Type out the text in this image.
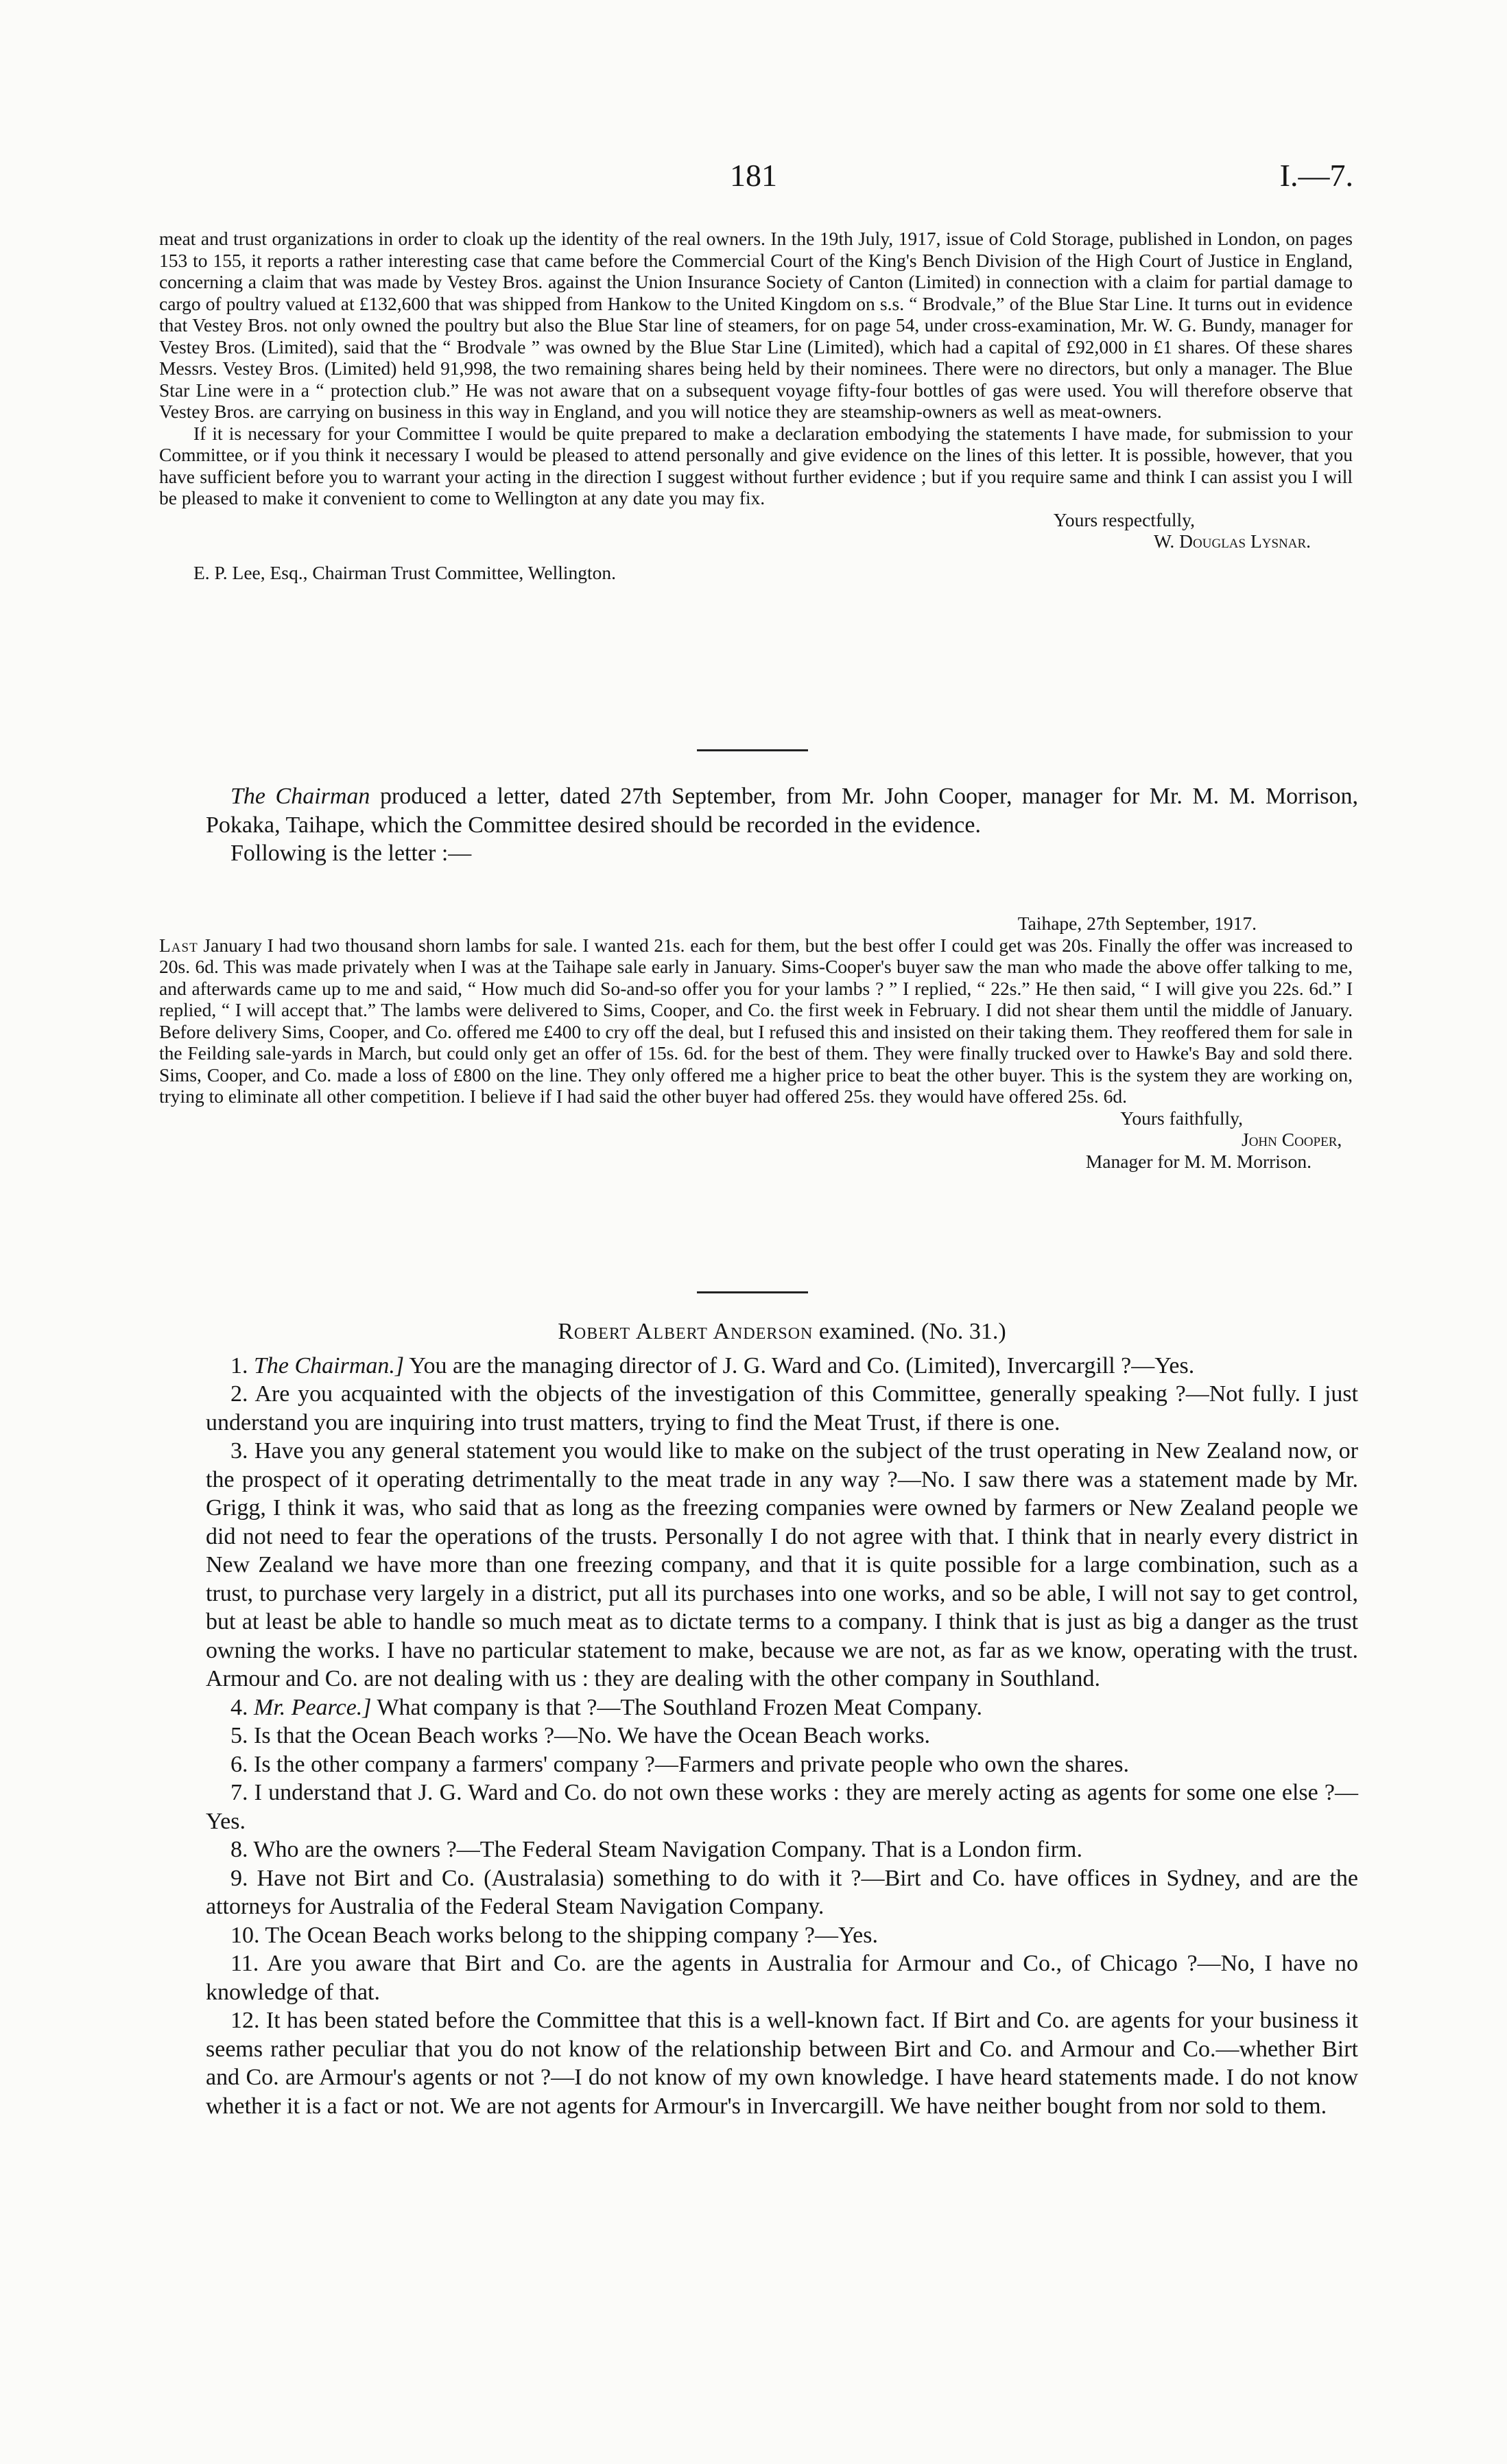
181	I.—7.

meat and trust organizations in order to cloak up the identity of the real owners. In the 19th July, 1917, issue of Cold Storage, published in London, on pages 153 to 155, it reports a rather interesting case that came before the Commercial Court of the King's Bench Division of the High Court of Justice in England, concerning a claim that was made by Vestey Bros. against the Union Insurance Society of Canton (Limited) in connection with a claim for partial damage to cargo of poultry valued at £132,600 that was shipped from Hankow to the United Kingdom on s.s. “ Brodvale,” of the Blue Star Line. It turns out in evidence that Vestey Bros. not only owned the poultry but also the Blue Star line of steamers, for on page 54, under cross-examination, Mr. W. G. Bundy, manager for Vestey Bros. (Limited), said that the “ Brodvale ” was owned by the Blue Star Line (Limited), which had a capital of £92,000 in £1 shares. Of these shares Messrs. Vestey Bros. (Limited) held 91,998, the two remaining shares being held by their nominees. There were no directors, but only a manager. The Blue Star Line were in a “ protection club.” He was not aware that on a subsequent voyage fifty-four bottles of gas were used. You will therefore observe that Vestey Bros. are carrying on business in this way in England, and you will notice they are steamship-owners as well as meat-owners.

If it is necessary for your Committee I would be quite prepared to make a declaration embodying the statements I have made, for submission to your Committee, or if you think it necessary I would be pleased to attend personally and give evidence on the lines of this letter. It is possible, however, that you have sufficient before you to warrant your acting in the direction I suggest without further evidence ; but if you require same and think I can assist you I will be pleased to make it convenient to come to Wellington at any date you may fix.

Yours respectfully,

W. Douglas Lysnar.

E. P. Lee, Esq., Chairman Trust Committee, Wellington.

The Chairman produced a letter, dated 27th September, from Mr. John Cooper, manager for Mr. M. M. Morrison, Pokaka, Taihape, which the Committee desired should be recorded in the evidence.

Following is the letter :—

Taihape, 27th September, 1917.

Last January I had two thousand shorn lambs for sale. I wanted 21s. each for them, but the best offer I could get was 20s. Finally the offer was increased to 20s. 6d. This was made privately when I was at the Taihape sale early in January. Sims-Cooper's buyer saw the man who made the above offer talking to me, and afterwards came up to me and said, “ How much did So-and-so offer you for your lambs ? ” I replied, “ 22s.” He then said, “ I will give you 22s. 6d.” I replied, “ I will accept that.” The lambs were delivered to Sims, Cooper, and Co. the first week in February. I did not shear them until the middle of January. Before delivery Sims, Cooper, and Co. offered me £400 to cry off the deal, but I refused this and insisted on their taking them. They reoffered them for sale in the Feilding sale-yards in March, but could only get an offer of 15s. 6d. for the best of them. They were finally trucked over to Hawke's Bay and sold there. Sims, Cooper, and Co. made a loss of £800 on the line. They only offered me a higher price to beat the other buyer. This is the system they are working on, trying to eliminate all other competition. I believe if I had said the other buyer had offered 25s. they would have offered 25s. 6d.

Yours faithfully,

John Cooper,

Manager for M. M. Morrison.

Robert Albert Anderson examined. (No. 31.)

1. The Chairman.] You are the managing director of J. G. Ward and Co. (Limited), Invercargill ?—Yes.

2. Are you acquainted with the objects of the investigation of this Committee, generally speaking ?—Not fully. I just understand you are inquiring into trust matters, trying to find the Meat Trust, if there is one.

3. Have you any general statement you would like to make on the subject of the trust operating in New Zealand now, or the prospect of it operating detrimentally to the meat trade in any way ?—No. I saw there was a statement made by Mr. Grigg, I think it was, who said that as long as the freezing companies were owned by farmers or New Zealand people we did not need to fear the operations of the trusts. Personally I do not agree with that. I think that in nearly every district in New Zealand we have more than one freezing company, and that it is quite possible for a large combination, such as a trust, to purchase very largely in a district, put all its purchases into one works, and so be able, I will not say to get control, but at least be able to handle so much meat as to dictate terms to a company. I think that is just as big a danger as the trust owning the works. I have no particular statement to make, because we are not, as far as we know, operating with the trust. Armour and Co. are not dealing with us : they are dealing with the other company in Southland.

4. Mr. Pearce.] What company is that ?—The Southland Frozen Meat Company.

5. Is that the Ocean Beach works ?—No. We have the Ocean Beach works.

6. Is the other company a farmers' company ?—Farmers and private people who own the shares.

7. I understand that J. G. Ward and Co. do not own these works : they are merely acting as agents for some one else ?—Yes.

8. Who are the owners ?—The Federal Steam Navigation Company. That is a London firm.

9. Have not Birt and Co. (Australasia) something to do with it ?—Birt and Co. have offices in Sydney, and are the attorneys for Australia of the Federal Steam Navigation Company.

10. The Ocean Beach works belong to the shipping company ?—Yes.

11. Are you aware that Birt and Co. are the agents in Australia for Armour and Co., of Chicago ?—No, I have no knowledge of that.

12. It has been stated before the Committee that this is a well-known fact. If Birt and Co. are agents for your business it seems rather peculiar that you do not know of the relationship between Birt and Co. and Armour and Co.—whether Birt and Co. are Armour's agents or not ?—I do not know of my own knowledge. I have heard statements made. I do not know whether it is a fact or not. We are not agents for Armour's in Invercargill. We have neither bought from nor sold to them.
